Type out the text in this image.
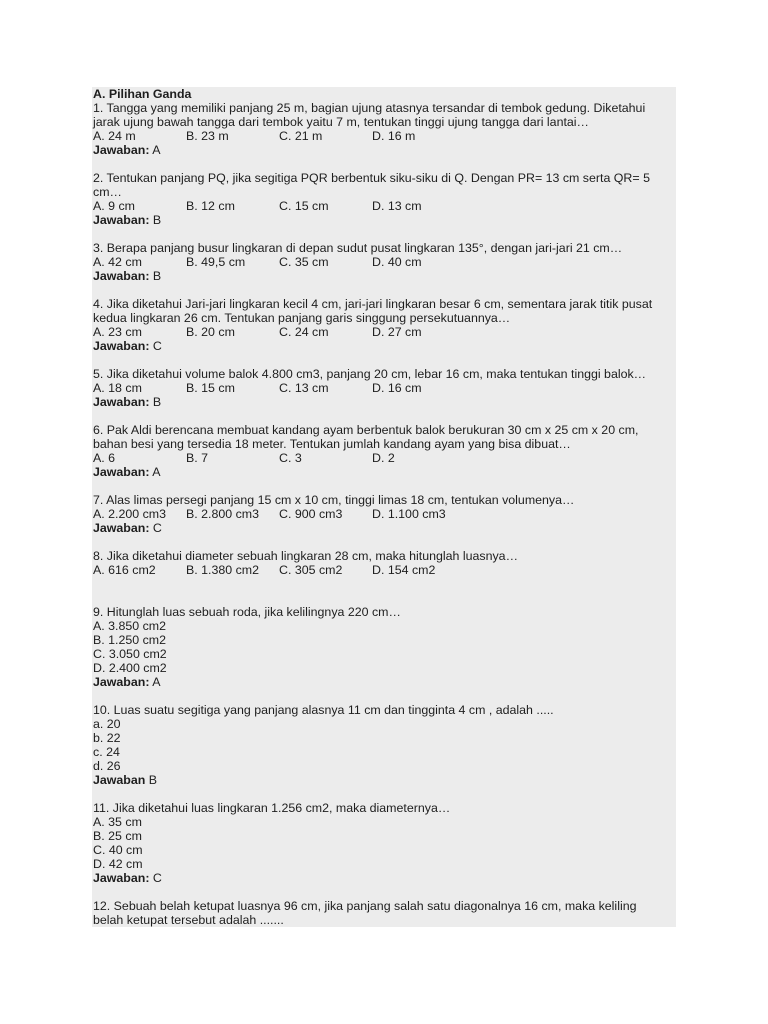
A. Pilihan Ganda
1. Tangga yang memiliki panjang 25 m, bagian ujung atasnya tersandar di tembok gedung. Diketahui
jarak ujung bawah tangga dari tembok yaitu 7 m, tentukan tinggi ujung tangga dari lantai…
A. 24 m	B. 23 m	C. 21 m	D. 16 m
Jawaban: A
2. Tentukan panjang PQ, jika segitiga PQR berbentuk siku-siku di Q. Dengan PR= 13 cm serta QR= 5
cm…
A. 9 cm	B. 12 cm	C. 15 cm	D. 13 cm
Jawaban: B
3. Berapa panjang busur lingkaran di depan sudut pusat lingkaran 135°, dengan jari-jari 21 cm…
A. 42 cm	B. 49,5 cm	C. 35 cm	D. 40 cm
Jawaban: B
4. Jika diketahui Jari-jari lingkaran kecil 4 cm, jari-jari lingkaran besar 6 cm, sementara jarak titik pusat
kedua lingkaran 26 cm. Tentukan panjang garis singgung persekutuannya…
A. 23 cm	B. 20 cm	C. 24 cm	D. 27 cm
Jawaban: C
5. Jika diketahui volume balok 4.800 cm3, panjang 20 cm, lebar 16 cm, maka tentukan tinggi balok…
A. 18 cm	B. 15 cm	C. 13 cm	D. 16 cm
Jawaban: B
6. Pak Aldi berencana membuat kandang ayam berbentuk balok berukuran 30 cm x 25 cm x 20 cm,
bahan besi yang tersedia 18 meter. Tentukan jumlah kandang ayam yang bisa dibuat…
A. 6	B. 7	C. 3	D. 2
Jawaban: A
7. Alas limas persegi panjang 15 cm x 10 cm, tinggi limas 18 cm, tentukan volumenya…
A. 2.200 cm3	B. 2.800 cm3	C. 900 cm3	D. 1.100 cm3
Jawaban: C
8. Jika diketahui diameter sebuah lingkaran 28 cm, maka hitunglah luasnya…
A. 616 cm2	B. 1.380 cm2	C. 305 cm2	D. 154 cm2
9. Hitunglah luas sebuah roda, jika kelilingnya 220 cm…
A. 3.850 cm2
B. 1.250 cm2
C. 3.050 cm2
D. 2.400 cm2
Jawaban: A
10. Luas suatu segitiga yang panjang alasnya 11 cm dan tingginta 4 cm , adalah .....
a. 20
b. 22
c. 24
d. 26
Jawaban B
11. Jika diketahui luas lingkaran 1.256 cm2, maka diameternya…
A. 35 cm
B. 25 cm
C. 40 cm
D. 42 cm
Jawaban: C
12. Sebuah belah ketupat luasnya 96 cm, jika panjang salah satu diagonalnya 16 cm, maka keliling
belah ketupat tersebut adalah .......
